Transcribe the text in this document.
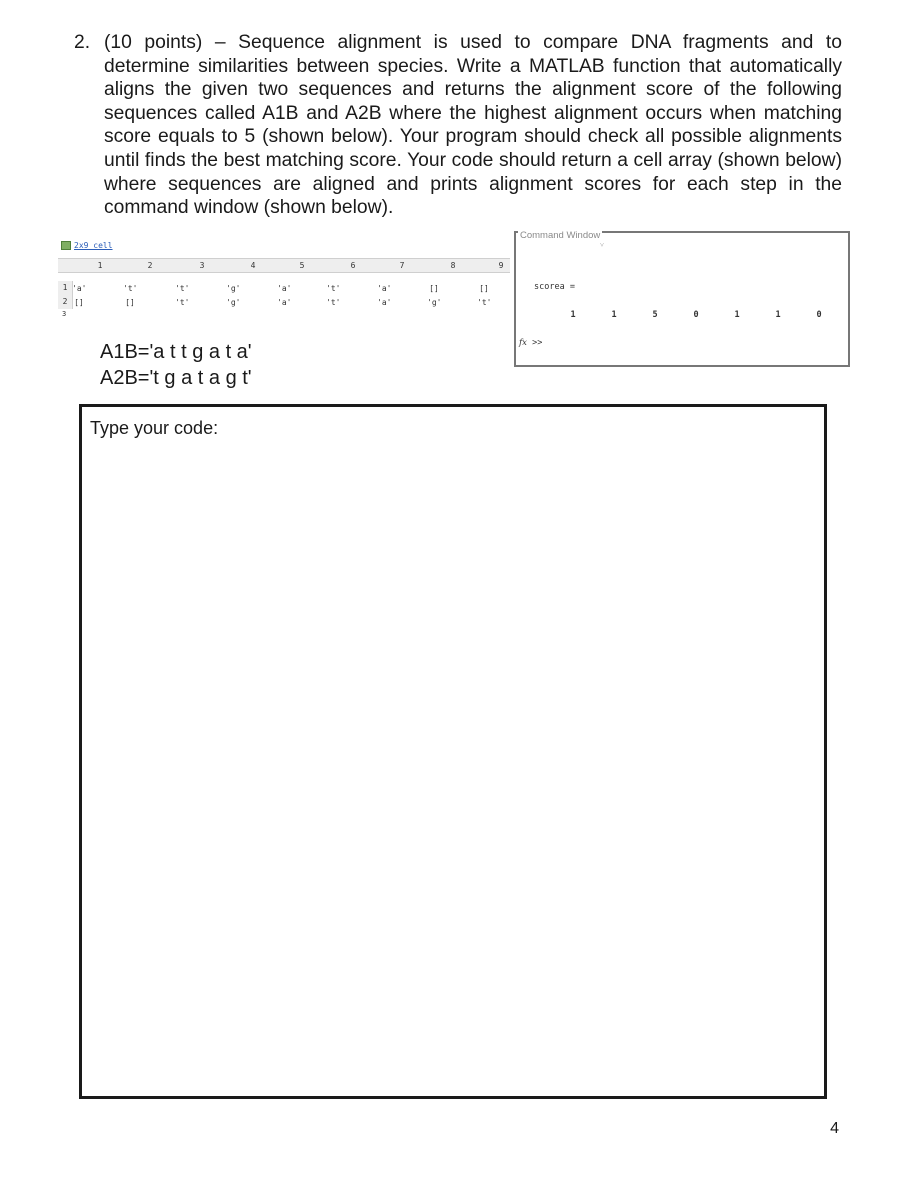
2. (10 points) – Sequence alignment is used to compare DNA fragments and to determine similarities between species. Write a MATLAB function that automatically aligns the given two sequences and returns the alignment score of the following sequences called A1B and A2B where the highest alignment occurs when matching score equals to 5 (shown below). Your program should check all possible alignments until finds the best matching score. Your code should return a cell array (shown below) where sequences are aligned and prints alignment scores for each step in the command window (shown below).
2x9 cell
1	2	3	4	5	6	7	8	9
1 'a'	't'	't'	'g'	'a'	't'	'a'	[]	[]
2 []	[]	't'	'g'	'a'	't'	'a'	'g'	't'
3
Command Window
˅
scorea =
1	1	5	0	1	1	0
fx >>
A1B='a t t g a t a'
A2B='t g a t a g t'
Type your code:
4
